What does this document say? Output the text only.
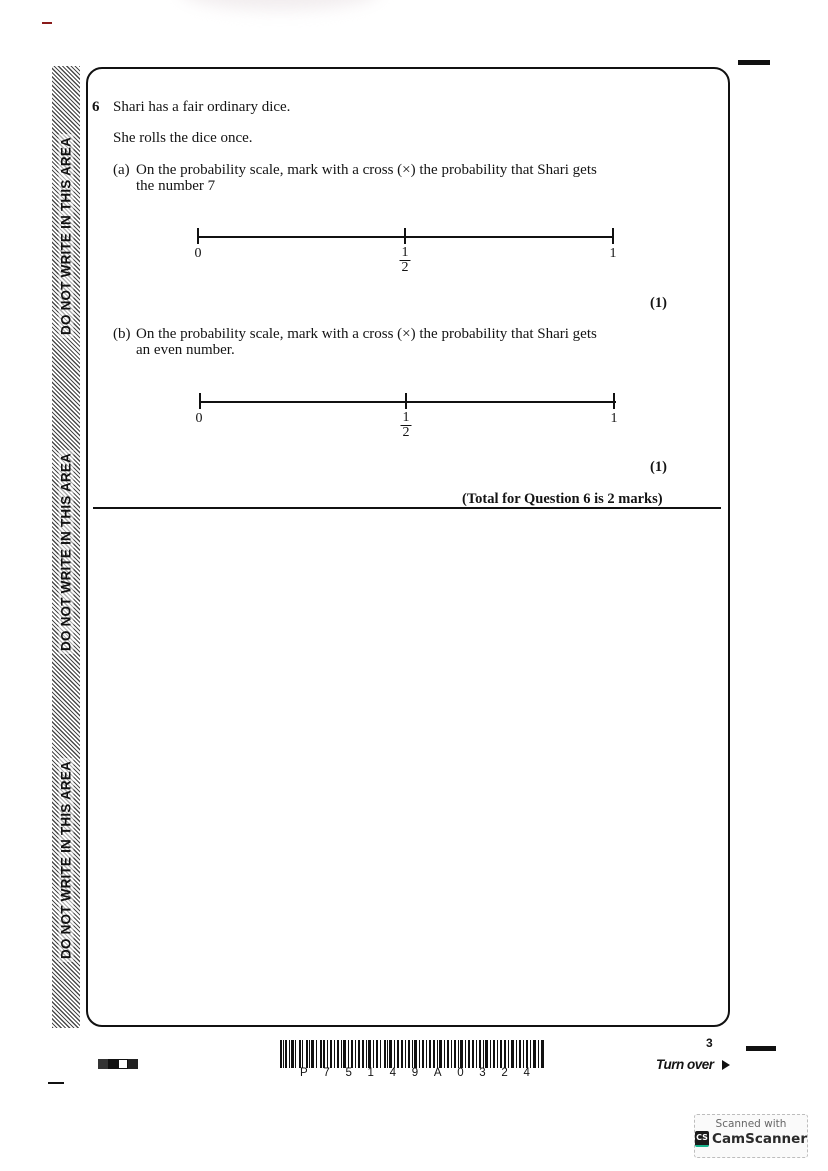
DO NOT WRITE IN THIS AREA
DO NOT WRITE IN THIS AREA
DO NOT WRITE IN THIS AREA
6 Shari has a fair ordinary dice.
She rolls the dice once.
(a) On the probability scale, mark with a cross (×) the probability that Shari gets
the number 7
0	$\frac{1}{2}$	1
(1)
(b) On the probability scale, mark with a cross (×) the probability that Shari gets
an even number.
0	$\frac{1}{2}$	1
(1)
(Total for Question 6 is 2 marks)
P 7 5 1 4 9 A 0 3 2 4
3
Turn over
Scanned with
CS CamScanner
